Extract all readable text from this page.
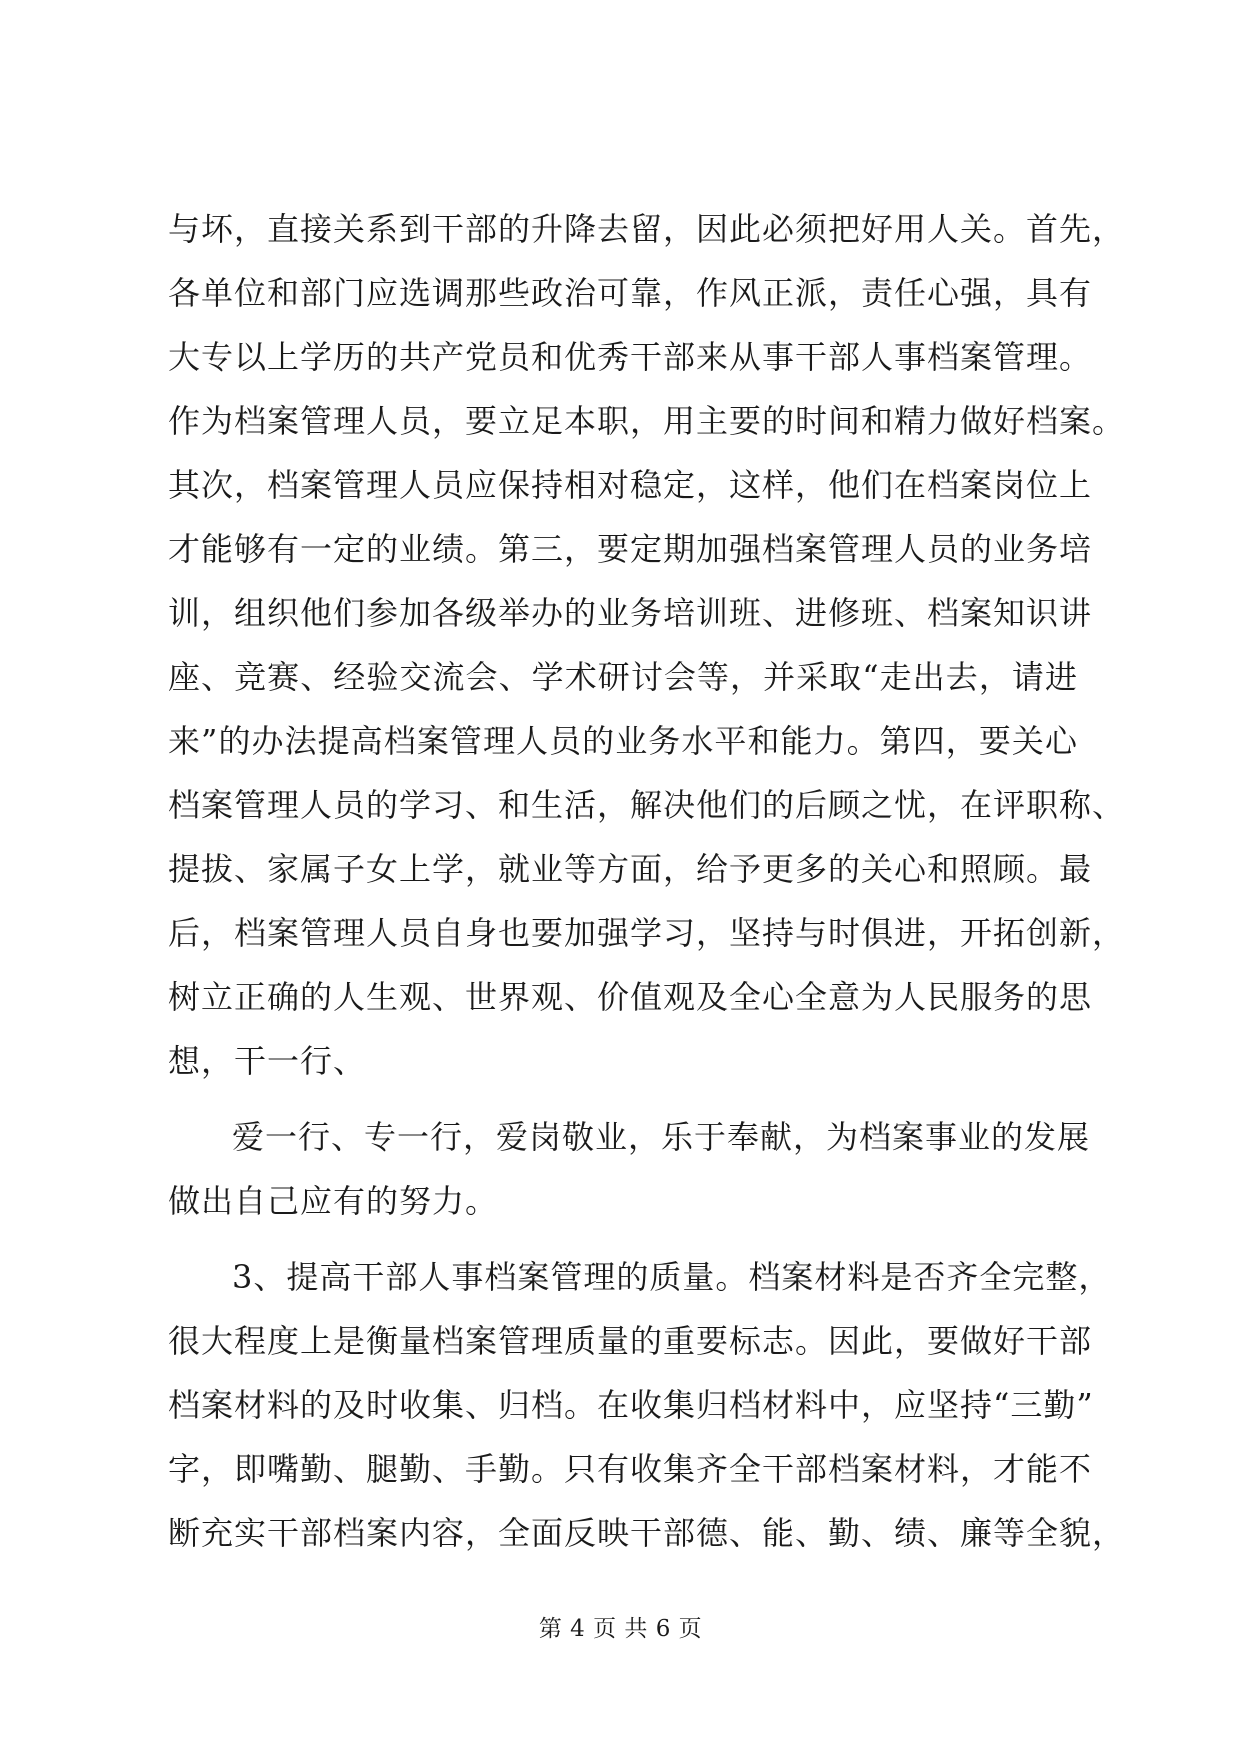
与坏，直接关系到干部的升降去留，因此必须把好用人关。首先，
各单位和部门应选调那些政治可靠，作风正派，责任心强，具有
大专以上学历的共产党员和优秀干部来从事干部人事档案管理。
作为档案管理人员，要立足本职，用主要的时间和精力做好档案。
其次，档案管理人员应保持相对稳定，这样，他们在档案岗位上
才能够有一定的业绩。第三，要定期加强档案管理人员的业务培
训，组织他们参加各级举办的业务培训班、进修班、档案知识讲
座、竞赛、经验交流会、学术研讨会等，并采取“走出去，请进
来”的办法提高档案管理人员的业务水平和能力。第四，要关心
档案管理人员的学习、和生活，解决他们的后顾之忧，在评职称、
提拔、家属子女上学，就业等方面，给予更多的关心和照顾。最
后，档案管理人员自身也要加强学习，坚持与时俱进，开拓创新，
树立正确的人生观、世界观、价值观及全心全意为人民服务的思
想，干一行、
爱一行、专一行，爱岗敬业，乐于奉献，为档案事业的发展
做出自己应有的努力。
3、提高干部人事档案管理的质量。档案材料是否齐全完整，
很大程度上是衡量档案管理质量的重要标志。因此，要做好干部
档案材料的及时收集、归档。在收集归档材料中，应坚持“三勤”
字，即嘴勤、腿勤、手勤。只有收集齐全干部档案材料，才能不
断充实干部档案内容，全面反映干部德、能、勤、绩、廉等全貌，
第 4 页 共 6 页
